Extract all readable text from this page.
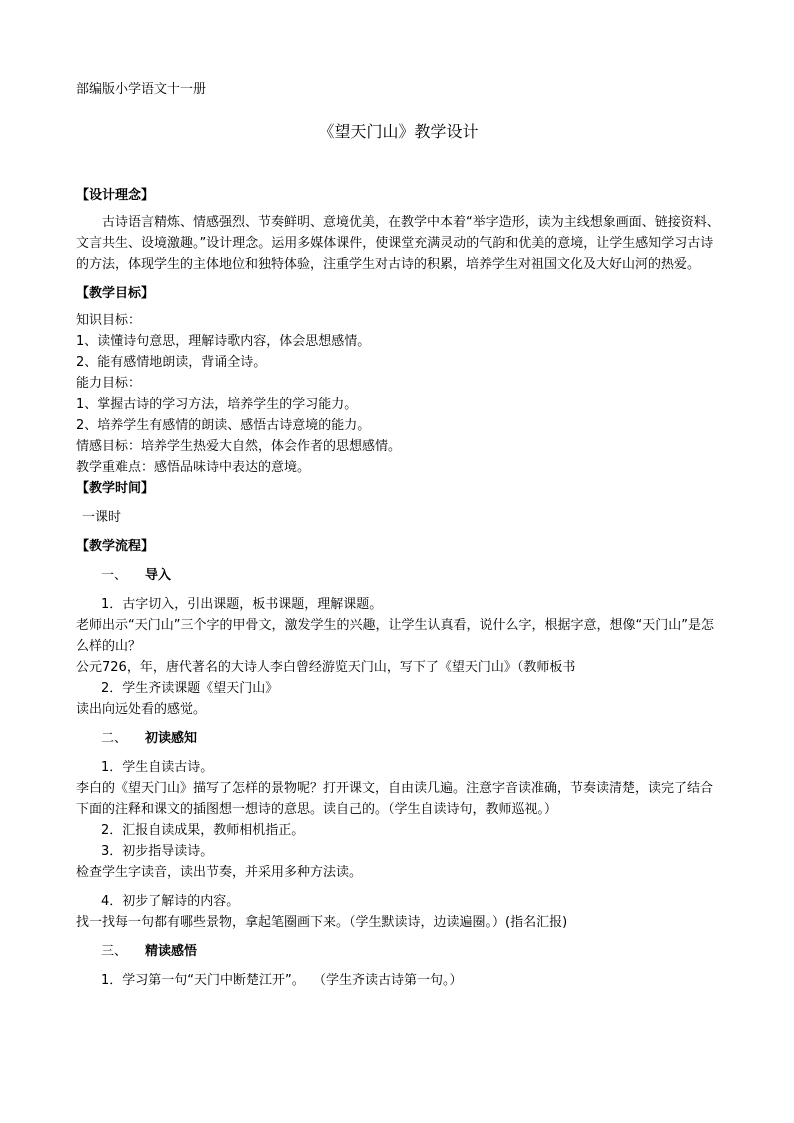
部编版小学语文十一册

《望天门山》教学设计

【设计理念】

古诗语言精炼、情感强烈、节奏鲜明、意境优美，在教学中本着“举字造形，读为主线想象画面、链接资料、文言共生、设境激趣。”设计理念。运用多媒体课件，使课堂充满灵动的气韵和优美的意境，让学生感知学习古诗的方法，体现学生的主体地位和独特体验，注重学生对古诗的积累，培养学生对祖国文化及大好山河的热爱。

【教学目标】

知识目标：

1、读懂诗句意思，理解诗歌内容，体会思想感情。

2、能有感情地朗读，背诵全诗。

能力目标：

1、掌握古诗的学习方法，培养学生的学习能力。

2、培养学生有感情的朗读、感悟古诗意境的能力。

情感目标：培养学生热爱大自然，体会作者的思想感情。

教学重难点：感悟品味诗中表达的意境。

【教学时间】

一课时

【教学流程】

一、 导入

1．古字切入，引出课题，板书课题，理解课题。

老师出示“天门山”三个字的甲骨文，激发学生的兴趣，让学生认真看，说什么字，根据字意，想像“天门山”是怎么样的山？

公元726，年，唐代著名的大诗人李白曾经游览天门山，写下了《望天门山》（教师板书

2．学生齐读课题《望天门山》

读出向远处看的感觉。

二、 初读感知

1．学生自读古诗。

李白的《望天门山》描写了怎样的景物呢？打开课文，自由读几遍。注意字音读准确，节奏读清楚，读完了结合下面的注释和课文的插图想一想诗的意思。读自己的。（学生自读诗句，教师巡视。）

2．汇报自读成果，教师相机指正。

3．初步指导读诗。

检查学生字读音，读出节奏，并采用多种方法读。

4．初步了解诗的内容。

找一找每一句都有哪些景物，拿起笔圈画下来。（学生默读诗，边读遍圈。）(指名汇报)

三、 精读感悟

1．学习第一句“天门中断楚江开”。  （学生齐读古诗第一句。）
